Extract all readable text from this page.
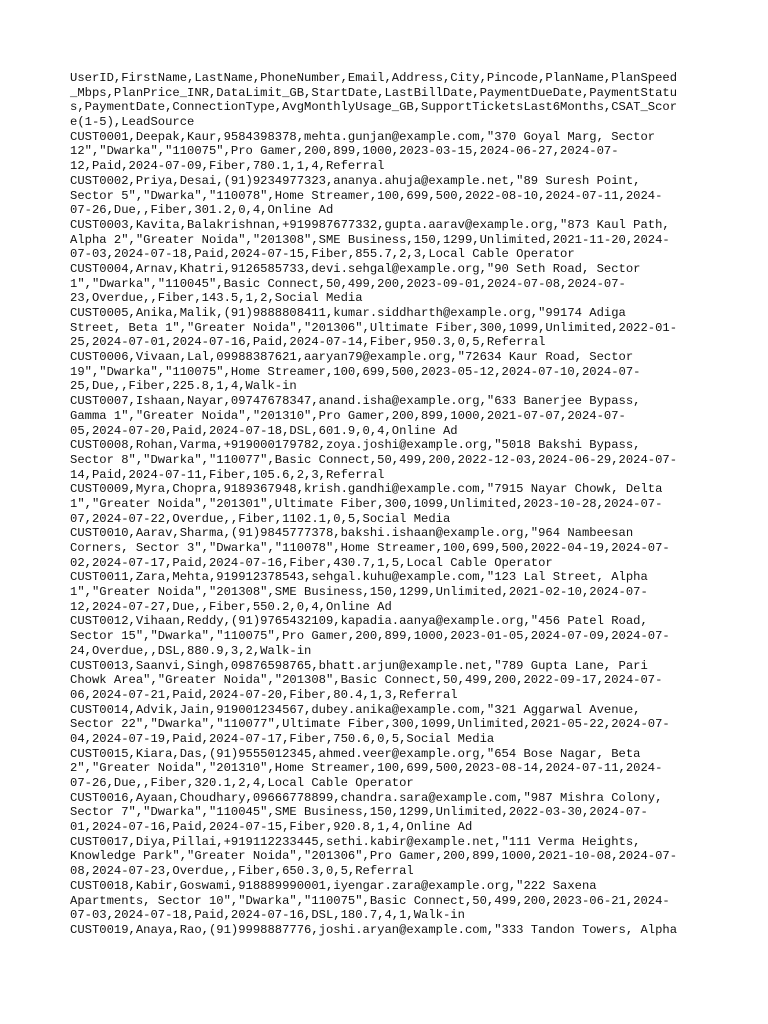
UserID,FirstName,LastName,PhoneNumber,Email,Address,City,Pincode,PlanName,PlanSpeed
_Mbps,PlanPrice_INR,DataLimit_GB,StartDate,LastBillDate,PaymentDueDate,PaymentStatu
s,PaymentDate,ConnectionType,AvgMonthlyUsage_GB,SupportTicketsLast6Months,CSAT_Scor
e(1-5),LeadSource
CUST0001,Deepak,Kaur,9584398378,mehta.gunjan@example.com,"370 Goyal Marg, Sector
12","Dwarka","110075",Pro Gamer,200,899,1000,2023-03-15,2024-06-27,2024-07-
12,Paid,2024-07-09,Fiber,780.1,1,4,Referral
CUST0002,Priya,Desai,(91)9234977323,ananya.ahuja@example.net,"89 Suresh Point,
Sector 5","Dwarka","110078",Home Streamer,100,699,500,2022-08-10,2024-07-11,2024-
07-26,Due,,Fiber,301.2,0,4,Online Ad
CUST0003,Kavita,Balakrishnan,+919987677332,gupta.aarav@example.org,"873 Kaul Path,
Alpha 2","Greater Noida","201308",SME Business,150,1299,Unlimited,2021-11-20,2024-
07-03,2024-07-18,Paid,2024-07-15,Fiber,855.7,2,3,Local Cable Operator
CUST0004,Arnav,Khatri,9126585733,devi.sehgal@example.org,"90 Seth Road, Sector
1","Dwarka","110045",Basic Connect,50,499,200,2023-09-01,2024-07-08,2024-07-
23,Overdue,,Fiber,143.5,1,2,Social Media
CUST0005,Anika,Malik,(91)9888808411,kumar.siddharth@example.org,"99174 Adiga
Street, Beta 1","Greater Noida","201306",Ultimate Fiber,300,1099,Unlimited,2022-01-
25,2024-07-01,2024-07-16,Paid,2024-07-14,Fiber,950.3,0,5,Referral
CUST0006,Vivaan,Lal,09988387621,aaryan79@example.org,"72634 Kaur Road, Sector
19","Dwarka","110075",Home Streamer,100,699,500,2023-05-12,2024-07-10,2024-07-
25,Due,,Fiber,225.8,1,4,Walk-in
CUST0007,Ishaan,Nayar,09747678347,anand.isha@example.org,"633 Banerjee Bypass,
Gamma 1","Greater Noida","201310",Pro Gamer,200,899,1000,2021-07-07,2024-07-
05,2024-07-20,Paid,2024-07-18,DSL,601.9,0,4,Online Ad
CUST0008,Rohan,Varma,+919000179782,zoya.joshi@example.org,"5018 Bakshi Bypass,
Sector 8","Dwarka","110077",Basic Connect,50,499,200,2022-12-03,2024-06-29,2024-07-
14,Paid,2024-07-11,Fiber,105.6,2,3,Referral
CUST0009,Myra,Chopra,9189367948,krish.gandhi@example.com,"7915 Nayar Chowk, Delta
1","Greater Noida","201301",Ultimate Fiber,300,1099,Unlimited,2023-10-28,2024-07-
07,2024-07-22,Overdue,,Fiber,1102.1,0,5,Social Media
CUST0010,Aarav,Sharma,(91)9845777378,bakshi.ishaan@example.org,"964 Nambeesan
Corners, Sector 3","Dwarka","110078",Home Streamer,100,699,500,2022-04-19,2024-07-
02,2024-07-17,Paid,2024-07-16,Fiber,430.7,1,5,Local Cable Operator
CUST0011,Zara,Mehta,919912378543,sehgal.kuhu@example.com,"123 Lal Street, Alpha
1","Greater Noida","201308",SME Business,150,1299,Unlimited,2021-02-10,2024-07-
12,2024-07-27,Due,,Fiber,550.2,0,4,Online Ad
CUST0012,Vihaan,Reddy,(91)9765432109,kapadia.aanya@example.org,"456 Patel Road,
Sector 15","Dwarka","110075",Pro Gamer,200,899,1000,2023-01-05,2024-07-09,2024-07-
24,Overdue,,DSL,880.9,3,2,Walk-in
CUST0013,Saanvi,Singh,09876598765,bhatt.arjun@example.net,"789 Gupta Lane, Pari
Chowk Area","Greater Noida","201308",Basic Connect,50,499,200,2022-09-17,2024-07-
06,2024-07-21,Paid,2024-07-20,Fiber,80.4,1,3,Referral
CUST0014,Advik,Jain,919001234567,dubey.anika@example.com,"321 Aggarwal Avenue,
Sector 22","Dwarka","110077",Ultimate Fiber,300,1099,Unlimited,2021-05-22,2024-07-
04,2024-07-19,Paid,2024-07-17,Fiber,750.6,0,5,Social Media
CUST0015,Kiara,Das,(91)9555012345,ahmed.veer@example.org,"654 Bose Nagar, Beta
2","Greater Noida","201310",Home Streamer,100,699,500,2023-08-14,2024-07-11,2024-
07-26,Due,,Fiber,320.1,2,4,Local Cable Operator
CUST0016,Ayaan,Choudhary,09666778899,chandra.sara@example.com,"987 Mishra Colony,
Sector 7","Dwarka","110045",SME Business,150,1299,Unlimited,2022-03-30,2024-07-
01,2024-07-16,Paid,2024-07-15,Fiber,920.8,1,4,Online Ad
CUST0017,Diya,Pillai,+919112233445,sethi.kabir@example.net,"111 Verma Heights,
Knowledge Park","Greater Noida","201306",Pro Gamer,200,899,1000,2021-10-08,2024-07-
08,2024-07-23,Overdue,,Fiber,650.3,0,5,Referral
CUST0018,Kabir,Goswami,918889990001,iyengar.zara@example.org,"222 Saxena
Apartments, Sector 10","Dwarka","110075",Basic Connect,50,499,200,2023-06-21,2024-
07-03,2024-07-18,Paid,2024-07-16,DSL,180.7,4,1,Walk-in
CUST0019,Anaya,Rao,(91)9998887776,joshi.aryan@example.com,"333 Tandon Towers, Alpha
